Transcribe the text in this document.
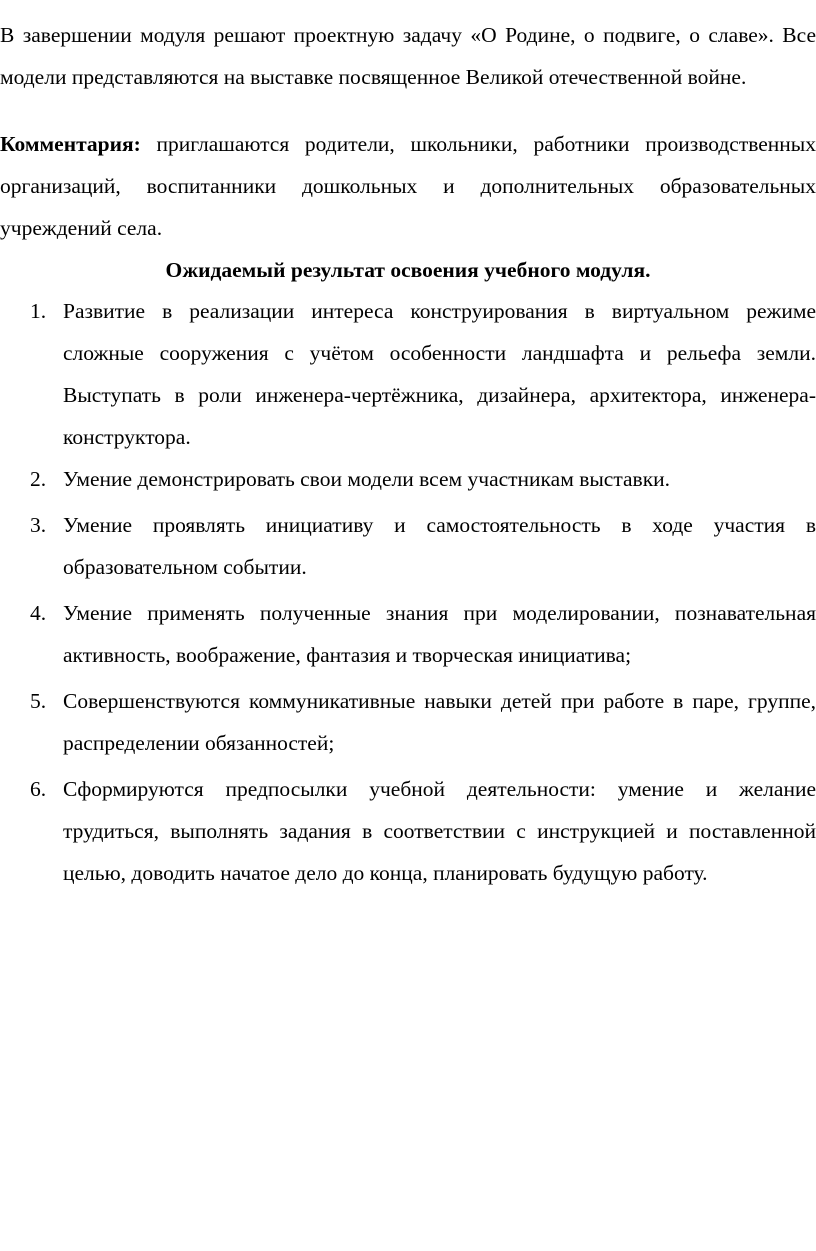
В завершении модуля решают проектную задачу «О Родине, о подвиге, о славе». Все модели представляются на выставке посвященное Великой отечественной войне.

Комментария: приглашаются родители, школьники, работники производственных организаций, воспитанники дошкольных и дополнительных образовательных учреждений села.

Ожидаемый результат освоения учебного модуля.

1. Развитие в реализации интереса конструирования в виртуальном режиме сложные сооружения с учётом особенности ландшафта и рельефа земли. Выступать в роли инженера-чертёжника, дизайнера, архитектора, инженера-конструктора.
2. Умение демонстрировать свои модели всем участникам выставки.
3. Умение проявлять инициативу и самостоятельность в ходе участия в образовательном событии.
4. Умение применять полученные знания при моделировании, познавательная активность, воображение, фантазия и творческая инициатива;
5. Совершенствуются коммуникативные навыки детей при работе в паре, группе, распределении обязанностей;
6. Сформируются предпосылки учебной деятельности: умение и желание трудиться, выполнять задания в соответствии с инструкцией и поставленной целью, доводить начатое дело до конца, планировать будущую работу.
